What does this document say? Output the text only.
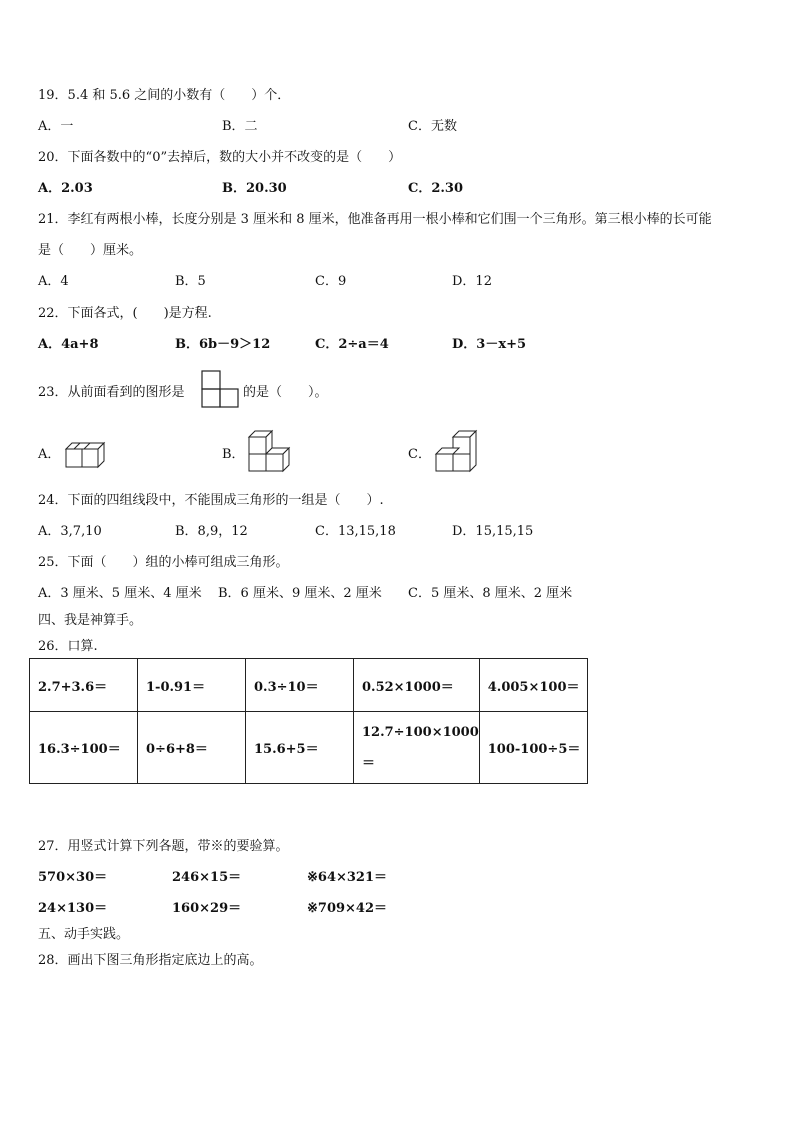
19．5.4 和 5.6 之间的小数有（　　）个．
A．一	B．二	C．无数
20．下面各数中的“0”去掉后，数的大小并不改变的是（　　）
A．2.03	B．20.30	C．2.30
21．李红有两根小棒，长度分别是 3 厘米和 8 厘米，他准备再用一根小棒和它们围一个三角形。第三根小棒的长可能
是（　　）厘米。
A．4	B．5	C．9	D．12
22．下面各式，(　　)是方程.
A．4a+8	B．6b－9＞12	C．2÷a＝4	D．3－x+5
23．从前面看到的图形是	的是（　　）。
A．	B．	C．
24．下面的四组线段中，不能围成三角形的一组是（　　）.
A．3,7,10	B．8,9，12	C．13,15,18	D．15,15,15
25．下面（　　）组的小棒可组成三角形。
A．3 厘米、5 厘米、4 厘米 B．6 厘米、9 厘米、2 厘米 C．5 厘米、8 厘米、2 厘米
四、我是神算手。
26．口算.
2.7+3.6＝	1-0.91＝	0.3÷10＝	0.52×1000＝	4.005×100＝
16.3÷100＝	0÷6+8＝	15.6+5＝	12.7÷100×1000
＝	100-100÷5＝
27．用竖式计算下列各题，带※的要验算。
570×30＝	246×15＝	※64×321＝
24×130＝	160×29＝	※709×42＝
五、动手实践。
28．画出下图三角形指定底边上的高。
